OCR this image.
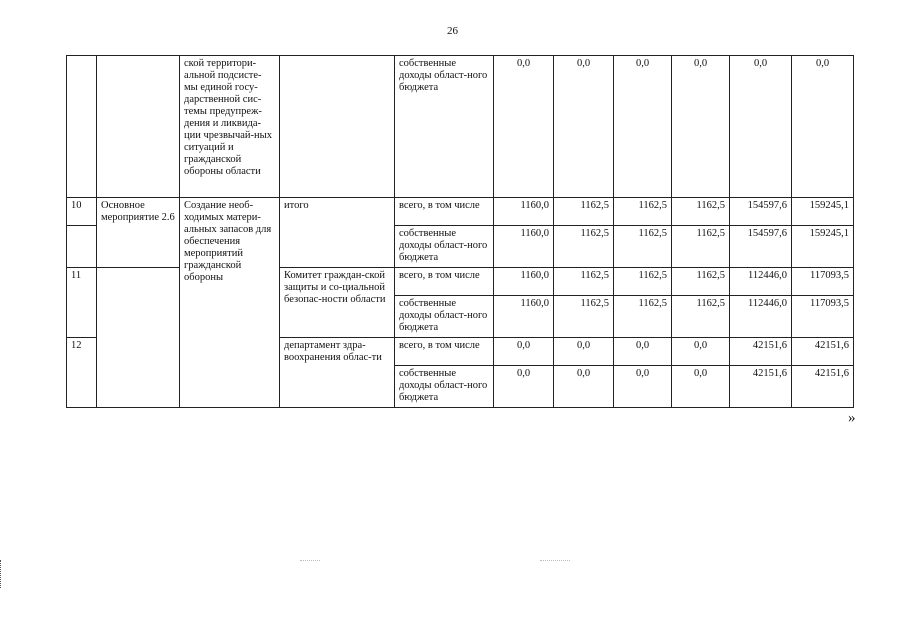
26
		ской территори-альной подсисте-мы единой госу-дарственной сис-темы предупреж-дения и ликвида-ции чрезвычай-ных ситуаций и гражданской обороны области		собственные доходы област-ного бюджета	0,0	0,0	0,0	0,0	0,0	0,0
10	Основное мероприятие 2.6	Создание необ-ходимых матери-альных запасов для обеспечения мероприятий гражданской обороны	итого	всего, в том числе	1160,0	1162,5	1162,5	1162,5	154597,6	159245,1
				собственные доходы област-ного бюджета	1160,0	1162,5	1162,5	1162,5	154597,6	159245,1
11			Комитет граждан-ской защиты и со-циальной безопас-ности области	всего, в том числе	1160,0	1162,5	1162,5	1162,5	112446,0	117093,5
				собственные доходы област-ного бюджета	1160,0	1162,5	1162,5	1162,5	112446,0	117093,5
12			департамент здра-воохранения облас-ти	всего, в том числе	0,0	0,0	0,0	0,0	42151,6	42151,6
				собственные доходы област-ного бюджета	0,0	0,0	0,0	0,0	42151,6	42151,6
»
